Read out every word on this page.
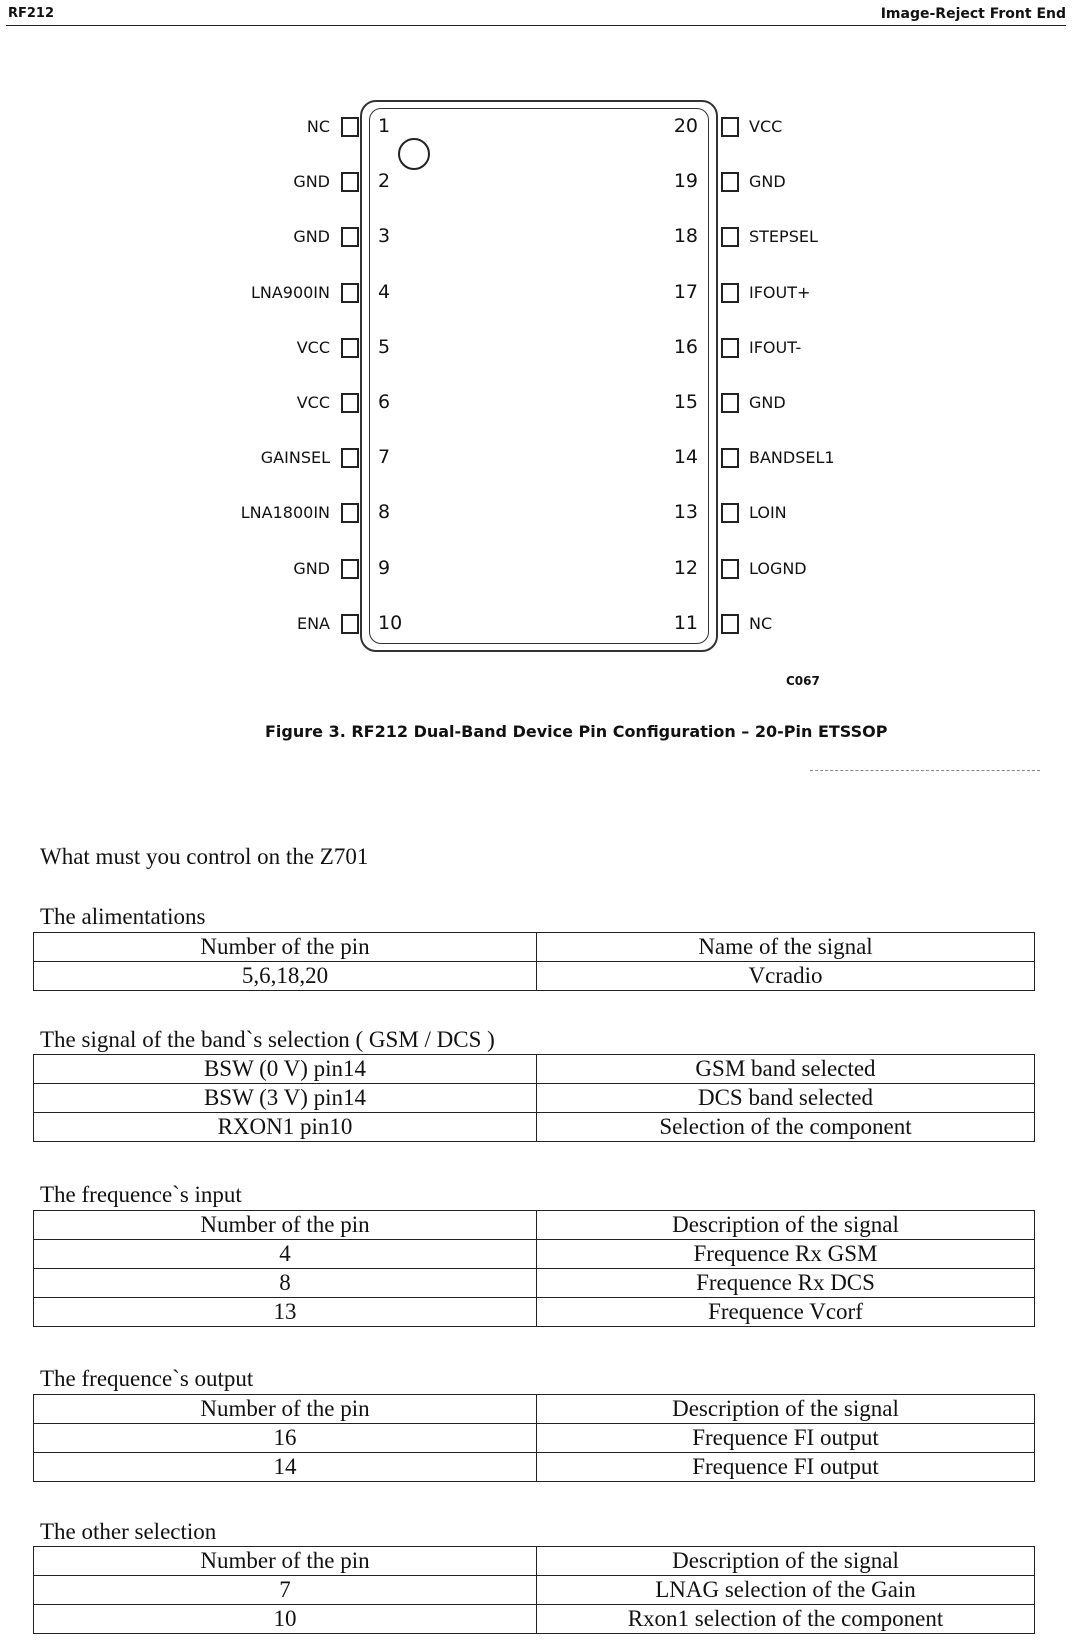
RF212	Image-Reject Front End
1
NC
2
GND
3
GND
4
LNA900IN
5
VCC
6
VCC
7
GAINSEL
8
LNA1800IN
9
GND
10
ENA
20	VCC
19	GND
18	STEPSEL
17	IFOUT+
16	IFOUT-
15	GND
14	BANDSEL1
13	LOIN
12	LOGND
11	NC
C067
Figure 3. RF212 Dual-Band Device Pin Configuration – 20-Pin ETSSOP
What must you control on the Z701
The alimentations
Number of the pin	Name of the signal
5,6,18,20	Vcradio
The signal of the band`s selection ( GSM / DCS )
BSW (0 V) pin14	GSM band selected
BSW (3 V) pin14	DCS band selected
RXON1 pin10	Selection of the component
The frequence`s input
Number of the pin	Description of the signal
4	Frequence Rx GSM
8	Frequence Rx DCS
13	Frequence Vcorf
The frequence`s output
Number of the pin	Description of the signal
16	Frequence FI output
14	Frequence FI output
The other selection
Number of the pin	Description of the signal
7	LNAG selection of the Gain
10	Rxon1 selection of the component
